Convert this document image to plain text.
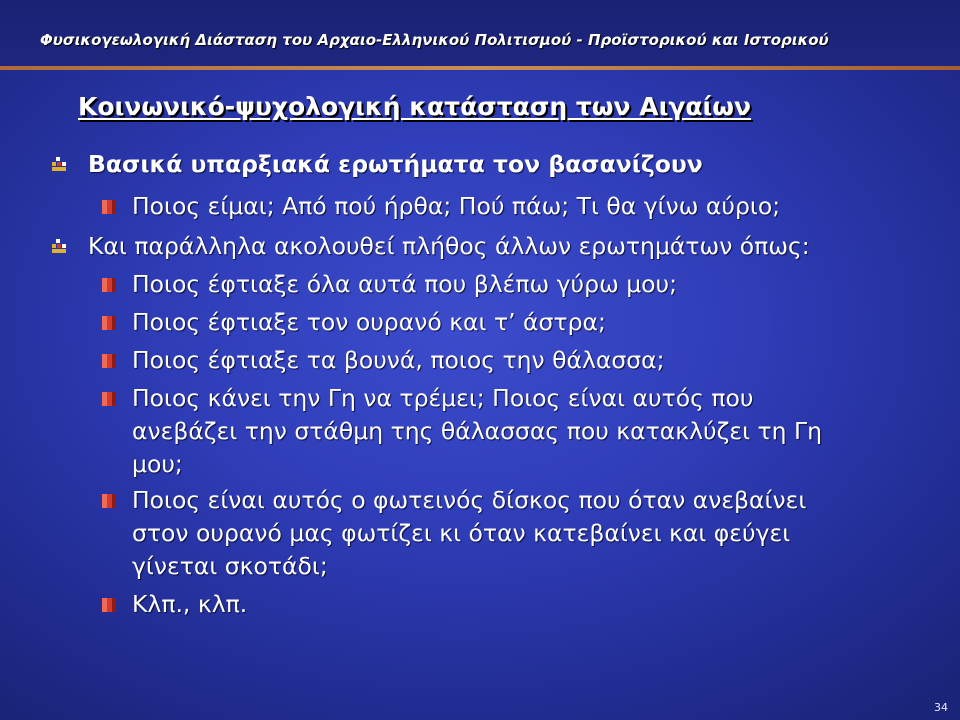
Φυσικογεωλογική Διάσταση του Αρχαιο-Ελληνικού Πολιτισμού - Προϊστορικού και Ιστορικού
Κοινωνικό-ψυχολογική κατάσταση των Αιγαίων
Βασικά υπαρξιακά ερωτήματα τον βασανίζουν
Ποιος είμαι; Από πού ήρθα; Πού πάω; Τι θα γίνω αύριο;
Και παράλληλα ακολουθεί πλήθος άλλων ερωτημάτων όπως:
Ποιος έφτιαξε όλα αυτά που βλέπω γύρω μου;
Ποιος έφτιαξε τον ουρανό και τ’ άστρα;
Ποιος έφτιαξε τα βουνά, ποιος την θάλασσα;
Ποιος κάνει την Γη να τρέμει; Ποιος είναι αυτός που
ανεβάζει την στάθμη της θάλασσας που κατακλύζει τη Γη
μου;
Ποιος είναι αυτός ο φωτεινός δίσκος που όταν ανεβαίνει
στον ουρανό μας φωτίζει κι όταν κατεβαίνει και φεύγει
γίνεται σκοτάδι;
Κλπ., κλπ.
34
